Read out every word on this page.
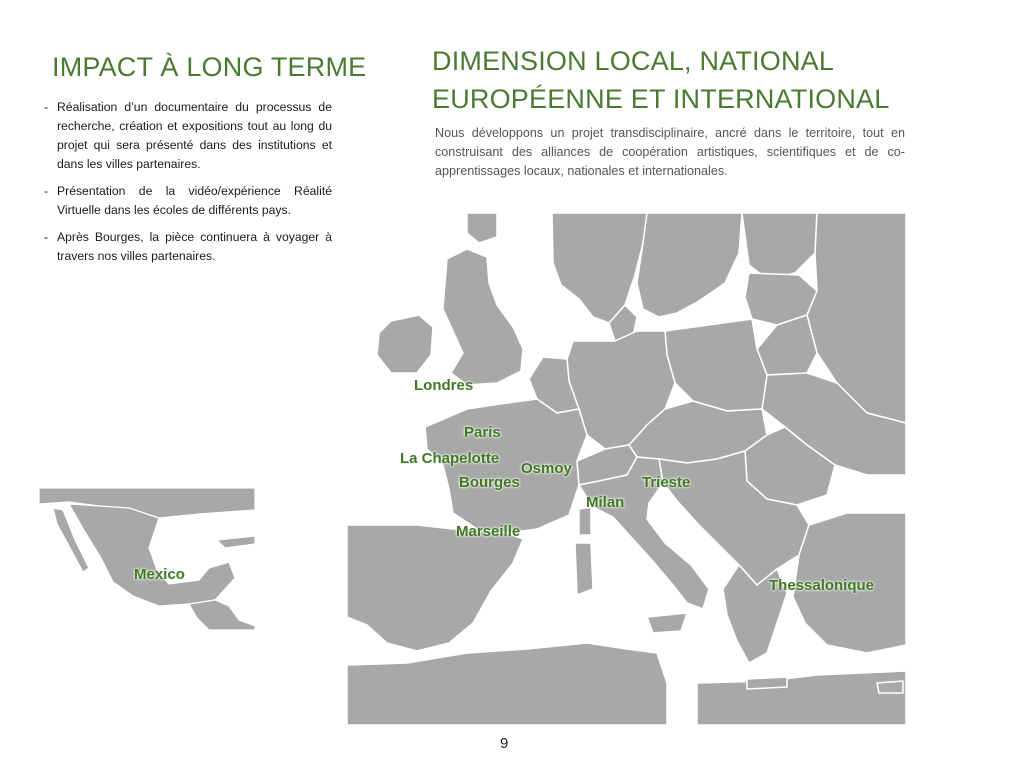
IMPACT À LONG TERME
- Réalisation d’un documentaire du processus de recherche, création et expositions tout au long du projet qui sera présenté dans des institutions et dans les villes partenaires.
- Présentation de la vidéo/expérience Réalité Virtuelle dans les écoles de différents pays.
- Après Bourges, la pièce continuera à voyager à travers nos villes partenaires.
DIMENSION LOCAL, NATIONAL
EUROPÉENNE ET INTERNATIONAL

Nous développons un projet transdisciplinaire, ancré dans le territoire, tout en construisant des alliances de coopération artistiques, scientifiques et de co-apprentissages locaux, nationales et internationales.

Londres
Paris
La Chapelotte
Osmoy
Bourges	Trieste
Milan
Marseille
Thessalonique
Mexico
9
